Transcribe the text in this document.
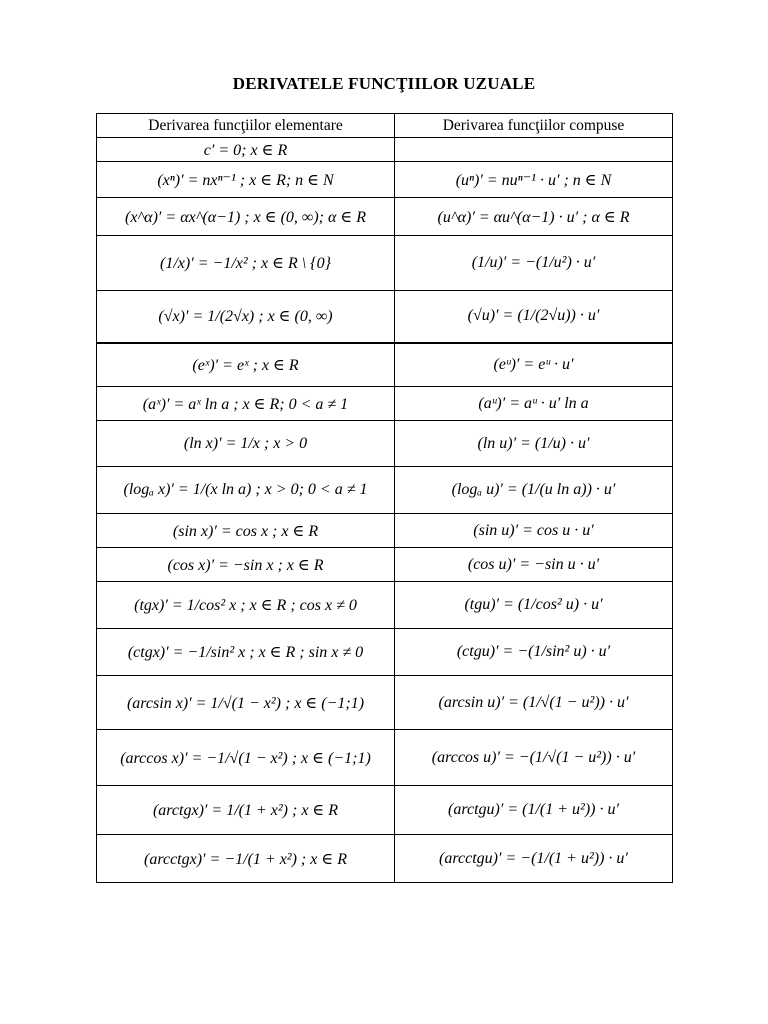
DERIVATELE FUNCŢIILOR UZUALE
Derivarea funcţiilor elementare	Derivarea funcţiilor compuse
c′ = 0; x ∈ R	
(xⁿ)′ = nxⁿ⁻¹ ; x ∈ R; n ∈ N	(uⁿ)′ = nuⁿ⁻¹ · u′ ; n ∈ N
(x^α)′ = αx^(α−1) ; x ∈ (0, ∞); α ∈ R	(u^α)′ = αu^(α−1) · u′ ; α ∈ R
(1/x)′ = −1/x² ; x ∈ R \ {0}	(1/u)′ = −(1/u²) · u′
(√x)′ = 1/(2√x) ; x ∈ (0, ∞)	(√u)′ = (1/(2√u)) · u′
(eˣ)′ = eˣ ; x ∈ R	(eᵘ)′ = eᵘ · u′
(aˣ)′ = aˣ ln a ; x ∈ R; 0 < a ≠ 1	(aᵘ)′ = aᵘ · u′ ln a
(ln x)′ = 1/x ; x > 0	(ln u)′ = (1/u) · u′
(logₐ x)′ = 1/(x ln a) ; x > 0; 0 < a ≠ 1	(logₐ u)′ = (1/(u ln a)) · u′
(sin x)′ = cos x ; x ∈ R	(sin u)′ = cos u · u′
(cos x)′ = −sin x ; x ∈ R	(cos u)′ = −sin u · u′
(tgx)′ = 1/cos² x ; x ∈ R ; cos x ≠ 0	(tgu)′ = (1/cos² u) · u′
(ctgx)′ = −1/sin² x ; x ∈ R ; sin x ≠ 0	(ctgu)′ = −(1/sin² u) · u′
(arcsin x)′ = 1/√(1 − x²) ; x ∈ (−1;1)	(arcsin u)′ = (1/√(1 − u²)) · u′
(arccos x)′ = −1/√(1 − x²) ; x ∈ (−1;1)	(arccos u)′ = −(1/√(1 − u²)) · u′
(arctgx)′ = 1/(1 + x²) ; x ∈ R	(arctgu)′ = (1/(1 + u²)) · u′
(arcctgx)′ = −1/(1 + x²) ; x ∈ R	(arcctgu)′ = −(1/(1 + u²)) · u′
